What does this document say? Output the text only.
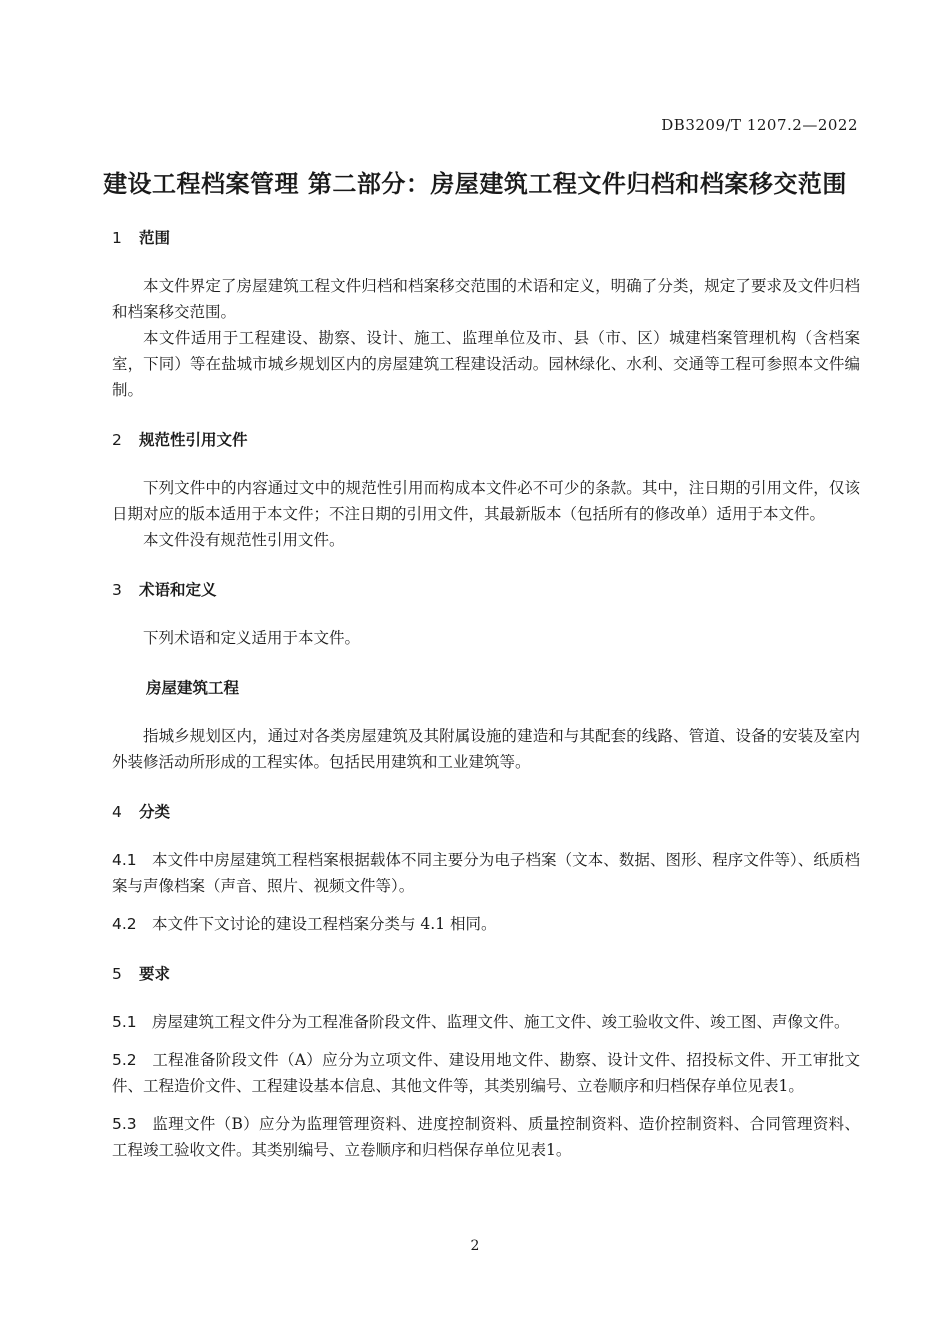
DB3209/T 1207.2—2022
建设工程档案管理 第二部分：房屋建筑工程文件归档和档案移交范围
1 范围

本文件界定了房屋建筑工程文件归档和档案移交范围的术语和定义，明确了分类，规定了要求及文件归档和档案移交范围。

本文件适用于工程建设、勘察、设计、施工、监理单位及市、县（市、区）城建档案管理机构（含档案室，下同）等在盐城市城乡规划区内的房屋建筑工程建设活动。园林绿化、水利、交通等工程可参照本文件编制。

2 规范性引用文件

下列文件中的内容通过文中的规范性引用而构成本文件必不可少的条款。其中，注日期的引用文件，仅该日期对应的版本适用于本文件；不注日期的引用文件，其最新版本（包括所有的修改单）适用于本文件。

本文件没有规范性引用文件。

3 术语和定义

下列术语和定义适用于本文件。

房屋建筑工程

指城乡规划区内，通过对各类房屋建筑及其附属设施的建造和与其配套的线路、管道、设备的安装及室内外装修活动所形成的工程实体。包括民用建筑和工业建筑等。

4 分类

4.1 本文件中房屋建筑工程档案根据载体不同主要分为电子档案（文本、数据、图形、程序文件等）、纸质档案与声像档案（声音、照片、视频文件等）。

4.2 本文件下文讨论的建设工程档案分类与 4.1 相同。

5 要求

5.1 房屋建筑工程文件分为工程准备阶段文件、监理文件、施工文件、竣工验收文件、竣工图、声像文件。

5.2 工程准备阶段文件（A）应分为立项文件、建设用地文件、勘察、设计文件、招投标文件、开工审批文件、工程造价文件、工程建设基本信息、其他文件等，其类别编号、立卷顺序和归档保存单位见表1。

5.3 监理文件（B）应分为监理管理资料、进度控制资料、质量控制资料、造价控制资料、合同管理资料、工程竣工验收文件。其类别编号、立卷顺序和归档保存单位见表1。

2
